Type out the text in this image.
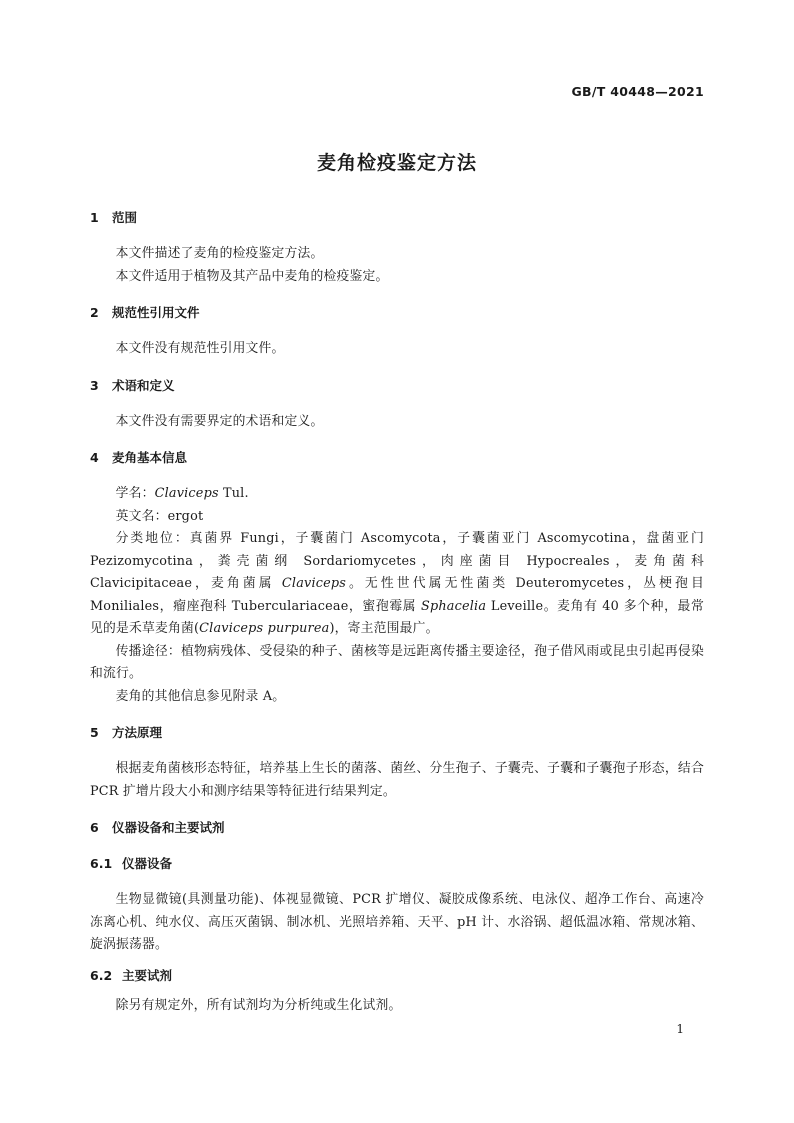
GB/T 40448—2021
麦角检疫鉴定方法
1 范围

本文件描述了麦角的检疫鉴定方法。

本文件适用于植物及其产品中麦角的检疫鉴定。

2 规范性引用文件

本文件没有规范性引用文件。

3 术语和定义

本文件没有需要界定的术语和定义。

4 麦角基本信息

学名：Claviceps Tul.

英文名：ergot

分类地位：真菌界 Fungi，子囊菌门 Ascomycota，子囊菌亚门 Ascomycotina，盘菌亚门 Pezizomycotina，粪壳菌纲 Sordariomycetes，肉座菌目 Hypocreales，麦角菌科 Clavicipitaceae，麦角菌属 Claviceps。无性世代属无性菌类 Deuteromycetes，丛梗孢目 Moniliales，瘤座孢科 Tuberculariaceae，蜜孢霉属 Sphacelia Leveille。麦角有 40 多个种，最常见的是禾草麦角菌(Claviceps purpurea)，寄主范围最广。

传播途径：植物病残体、受侵染的种子、菌核等是远距离传播主要途径，孢子借风雨或昆虫引起再侵染和流行。

麦角的其他信息参见附录 A。

5 方法原理

根据麦角菌核形态特征，培养基上生长的菌落、菌丝、分生孢子、子囊壳、子囊和子囊孢子形态，结合 PCR 扩增片段大小和测序结果等特征进行结果判定。

6 仪器设备和主要试剂
6.1 仪器设备

生物显微镜(具测量功能)、体视显微镜、PCR 扩增仪、凝胶成像系统、电泳仪、超净工作台、高速冷冻离心机、纯水仪、高压灭菌锅、制冰机、光照培养箱、天平、pH 计、水浴锅、超低温冰箱、常规冰箱、旋涡振荡器。

6.2 主要试剂

除另有规定外，所有试剂均为分析纯或生化试剂。

1
